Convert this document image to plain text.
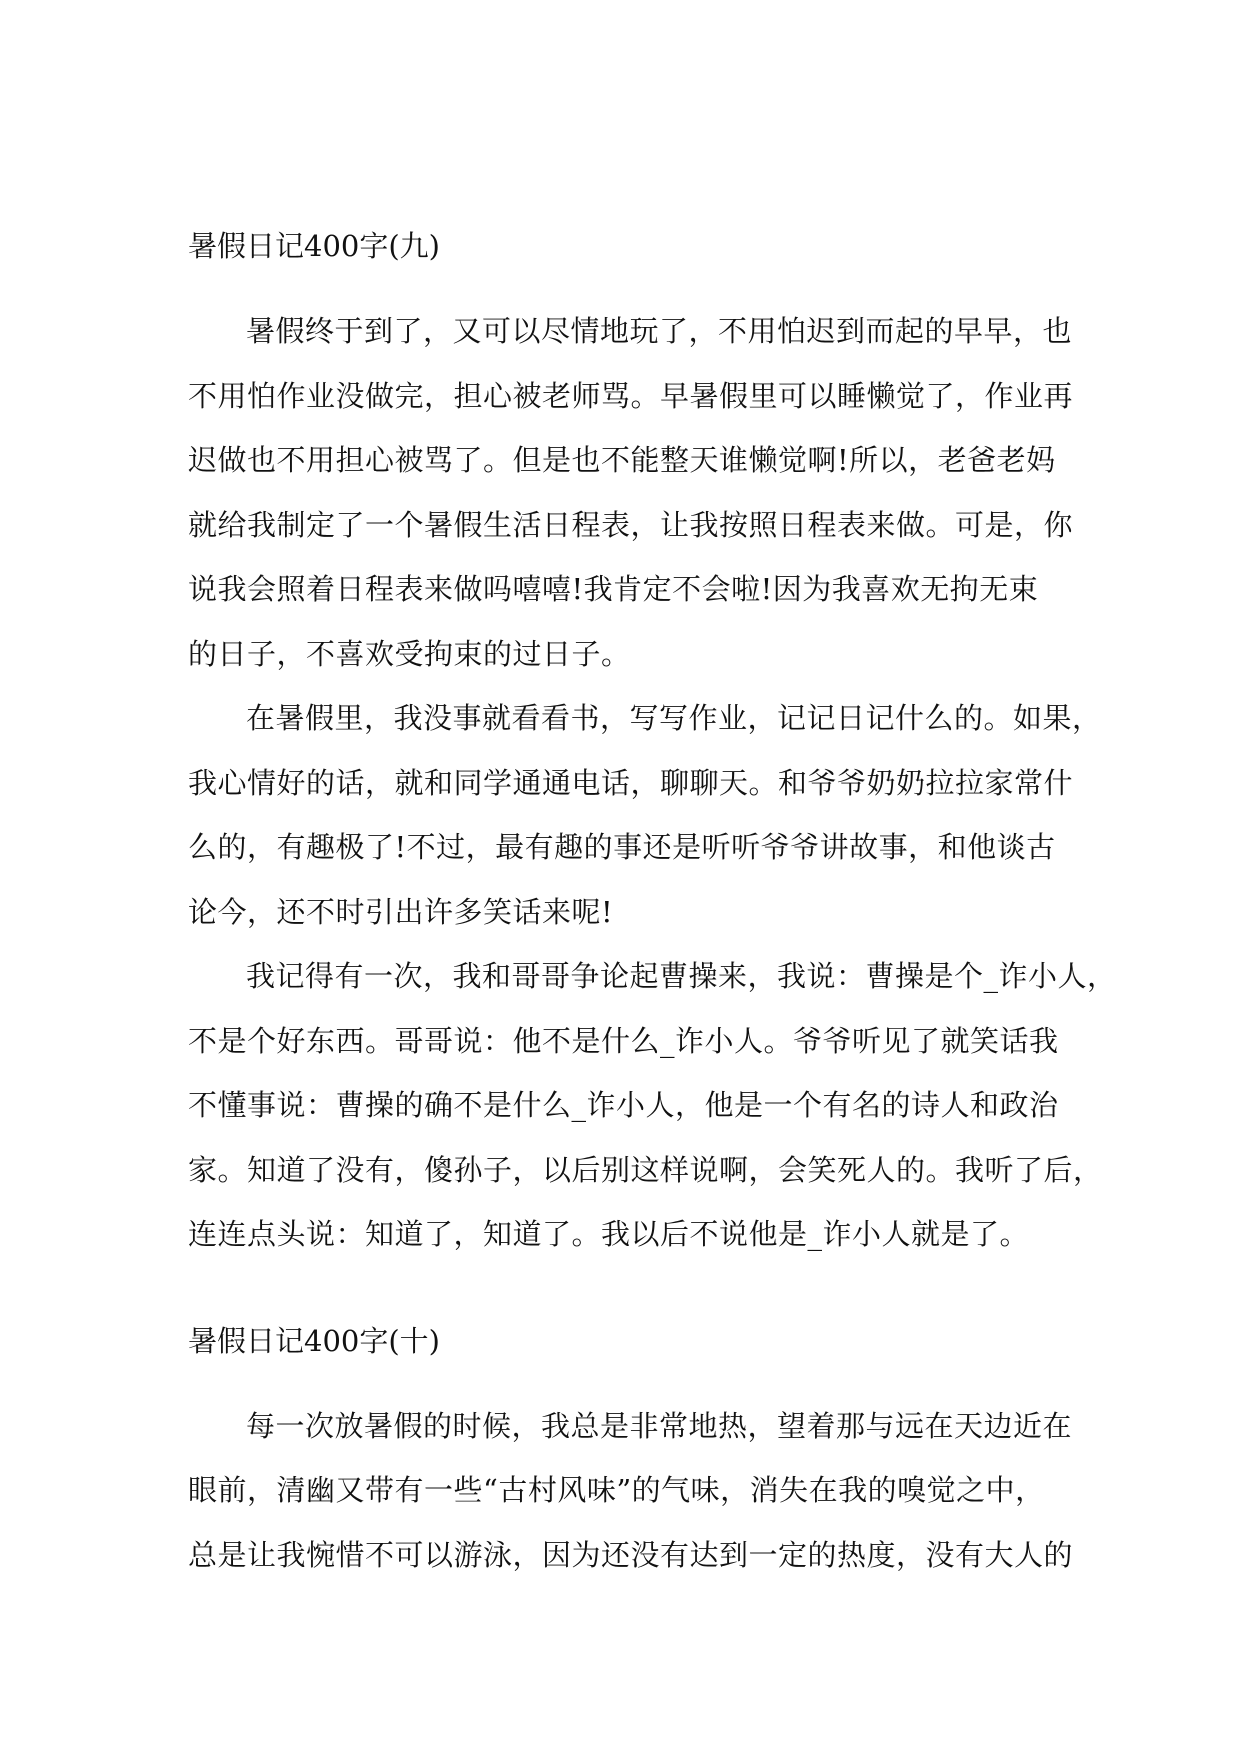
暑假日记400字(九)
暑假终于到了，又可以尽情地玩了，不用怕迟到而起的早早，也
不用怕作业没做完，担心被老师骂。早暑假里可以睡懒觉了，作业再
迟做也不用担心被骂了。但是也不能整天谁懒觉啊!所以，老爸老妈
就给我制定了一个暑假生活日程表，让我按照日程表来做。可是，你
说我会照着日程表来做吗嘻嘻!我肯定不会啦!因为我喜欢无拘无束
的日子，不喜欢受拘束的过日子。
在暑假里，我没事就看看书，写写作业，记记日记什么的。如果，
我心情好的话，就和同学通通电话，聊聊天。和爷爷奶奶拉拉家常什
么的，有趣极了!不过，最有趣的事还是听听爷爷讲故事，和他谈古
论今，还不时引出许多笑话来呢!
我记得有一次，我和哥哥争论起曹操来，我说：曹操是个_诈小人，
不是个好东西。哥哥说：他不是什么_诈小人。爷爷听见了就笑话我
不懂事说：曹操的确不是什么_诈小人，他是一个有名的诗人和政治
家。知道了没有，傻孙子，以后别这样说啊，会笑死人的。我听了后，
连连点头说：知道了，知道了。我以后不说他是_诈小人就是了。
暑假日记400字(十)
每一次放暑假的时候，我总是非常地热，望着那与远在天边近在
眼前，清幽又带有一些“古村风味”的气味，消失在我的嗅觉之中，
总是让我惋惜不可以游泳，因为还没有达到一定的热度，没有大人的
